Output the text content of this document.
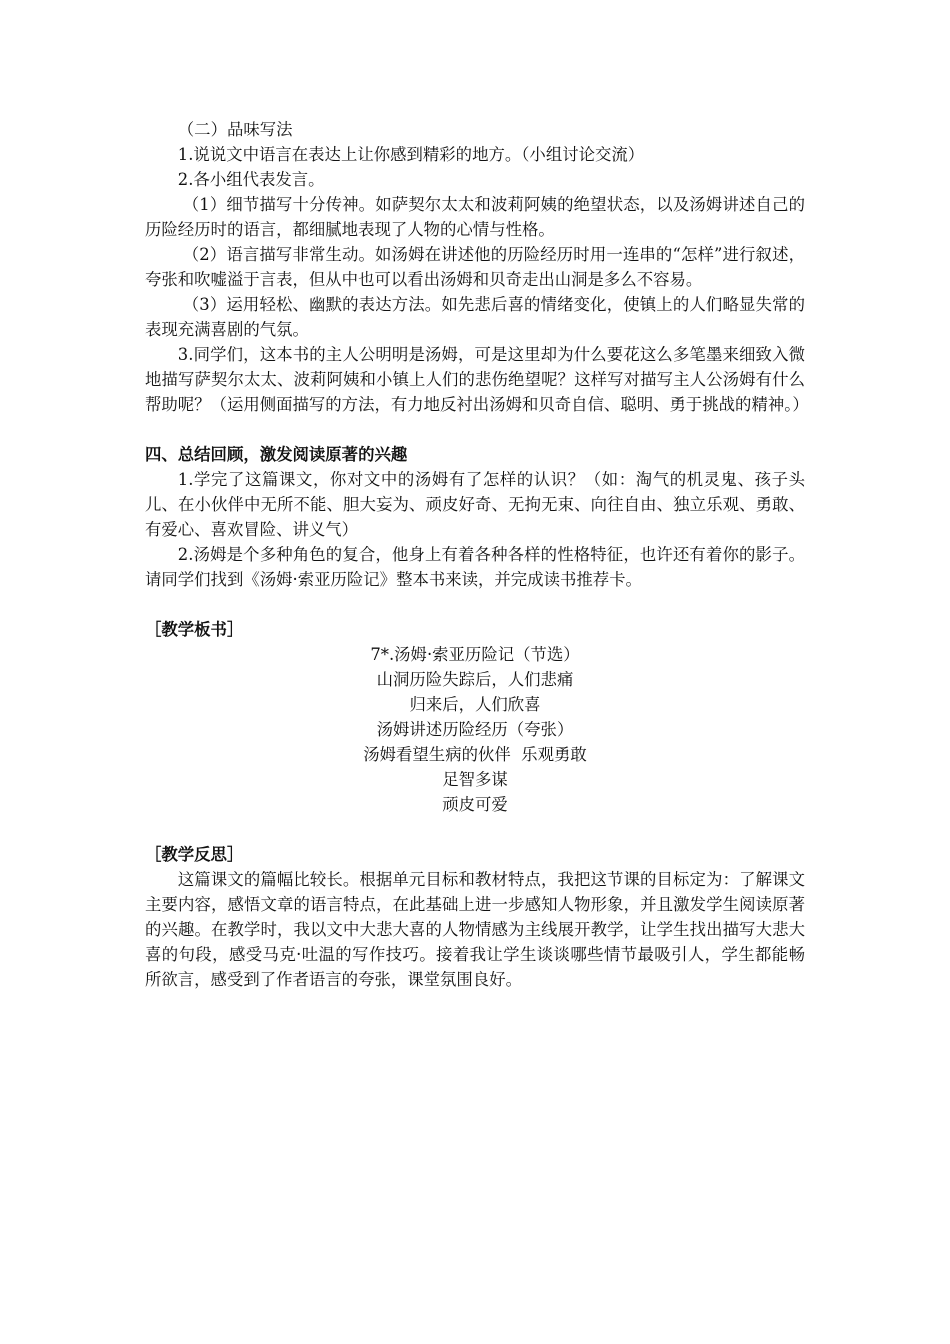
（二）品味写法

1.说说文中语言在表达上让你感到精彩的地方。（小组讨论交流）

2.各小组代表发言。

（1）细节描写十分传神。如萨契尔太太和波莉阿姨的绝望状态，以及汤姆讲述自己的历险经历时的语言，都细腻地表现了人物的心情与性格。

（2）语言描写非常生动。如汤姆在讲述他的历险经历时用一连串的“怎样”进行叙述，夸张和吹嘘溢于言表，但从中也可以看出汤姆和贝奇走出山洞是多么不容易。

（3）运用轻松、幽默的表达方法。如先悲后喜的情绪变化，使镇上的人们略显失常的表现充满喜剧的气氛。

3.同学们，这本书的主人公明明是汤姆，可是这里却为什么要花这么多笔墨来细致入微地描写萨契尔太太、波莉阿姨和小镇上人们的悲伤绝望呢？这样写对描写主人公汤姆有什么帮助呢？（运用侧面描写的方法，有力地反衬出汤姆和贝奇自信、聪明、勇于挑战的精神。）

四、总结回顾，激发阅读原著的兴趣

1.学完了这篇课文，你对文中的汤姆有了怎样的认识？（如：淘气的机灵鬼、孩子头儿、在小伙伴中无所不能、胆大妄为、顽皮好奇、无拘无束、向往自由、独立乐观、勇敢、有爱心、喜欢冒险、讲义气）

2.汤姆是个多种角色的复合，他身上有着各种各样的性格特征，也许还有着你的影子。请同学们找到《汤姆·索亚历险记》整本书来读，并完成读书推荐卡。

［教学板书］

7*.汤姆·索亚历险记（节选）

山洞历险失踪后，人们悲痛

归来后，人们欣喜

汤姆讲述历险经历（夸张）

汤姆看望生病的伙伴  乐观勇敢

足智多谋

顽皮可爱

［教学反思］

这篇课文的篇幅比较长。根据单元目标和教材特点，我把这节课的目标定为：了解课文主要内容，感悟文章的语言特点，在此基础上进一步感知人物形象，并且激发学生阅读原著的兴趣。在教学时，我以文中大悲大喜的人物情感为主线展开教学，让学生找出描写大悲大喜的句段，感受马克·吐温的写作技巧。接着我让学生谈谈哪些情节最吸引人，学生都能畅所欲言，感受到了作者语言的夸张，课堂氛围良好。
